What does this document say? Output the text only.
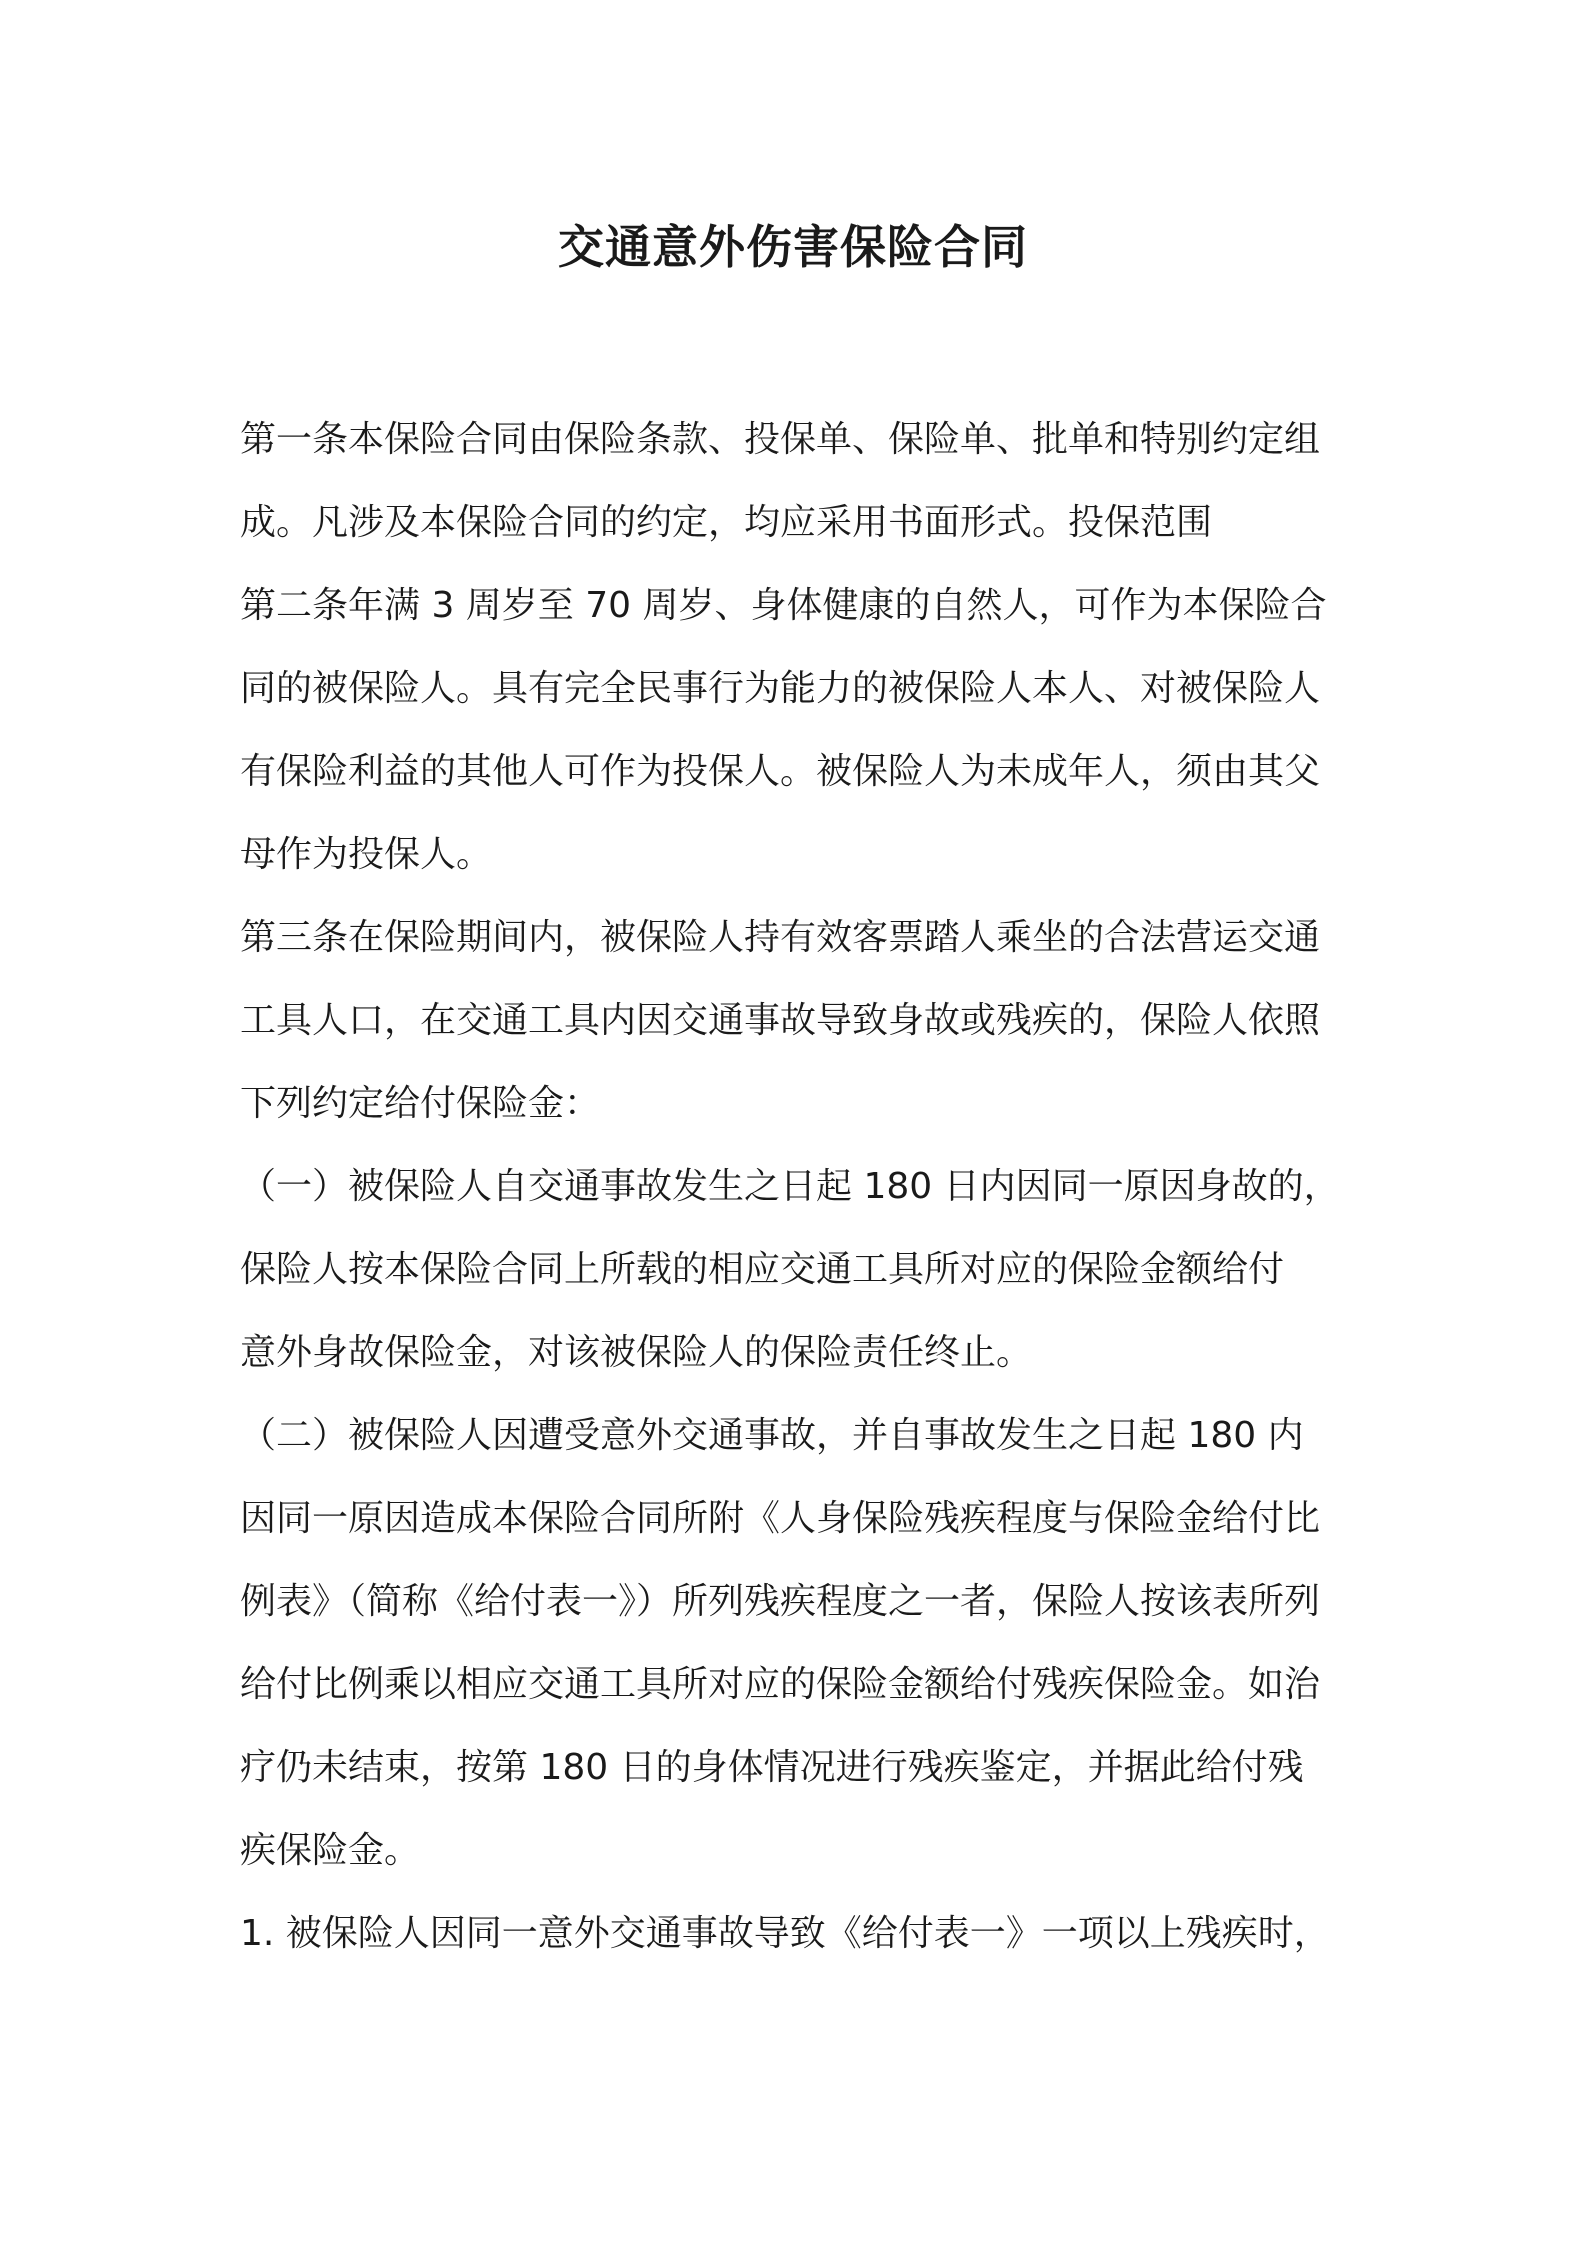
交通意外伤害保险合同
第一条本保险合同由保险条款、投保单、保险单、批单和特别约定组
成。凡涉及本保险合同的约定，均应采用书面形式。投保范围
第二条年满 3 周岁至 70 周岁、身体健康的自然人，可作为本保险合
同的被保险人。具有完全民事行为能力的被保险人本人、对被保险人
有保险利益的其他人可作为投保人。被保险人为未成年人，须由其父
母作为投保人。
第三条在保险期间内，被保险人持有效客票踏人乘坐的合法营运交通
工具人口，在交通工具内因交通事故导致身故或残疾的，保险人依照
下列约定给付保险金：
（一）被保险人自交通事故发生之日起 180 日内因同一原因身故的，
保险人按本保险合同上所载的相应交通工具所对应的保险金额给付
意外身故保险金，对该被保险人的保险责任终止。
（二）被保险人因遭受意外交通事故，并自事故发生之日起 180 内
因同一原因造成本保险合同所附《人身保险残疾程度与保险金给付比
例表》（简称《给付表一》）所列残疾程度之一者，保险人按该表所列
给付比例乘以相应交通工具所对应的保险金额给付残疾保险金。如治
疗仍未结束，按第 180 日的身体情况进行残疾鉴定，并据此给付残
疾保险金。
1. 被保险人因同一意外交通事故导致《给付表一》一项以上残疾时，
